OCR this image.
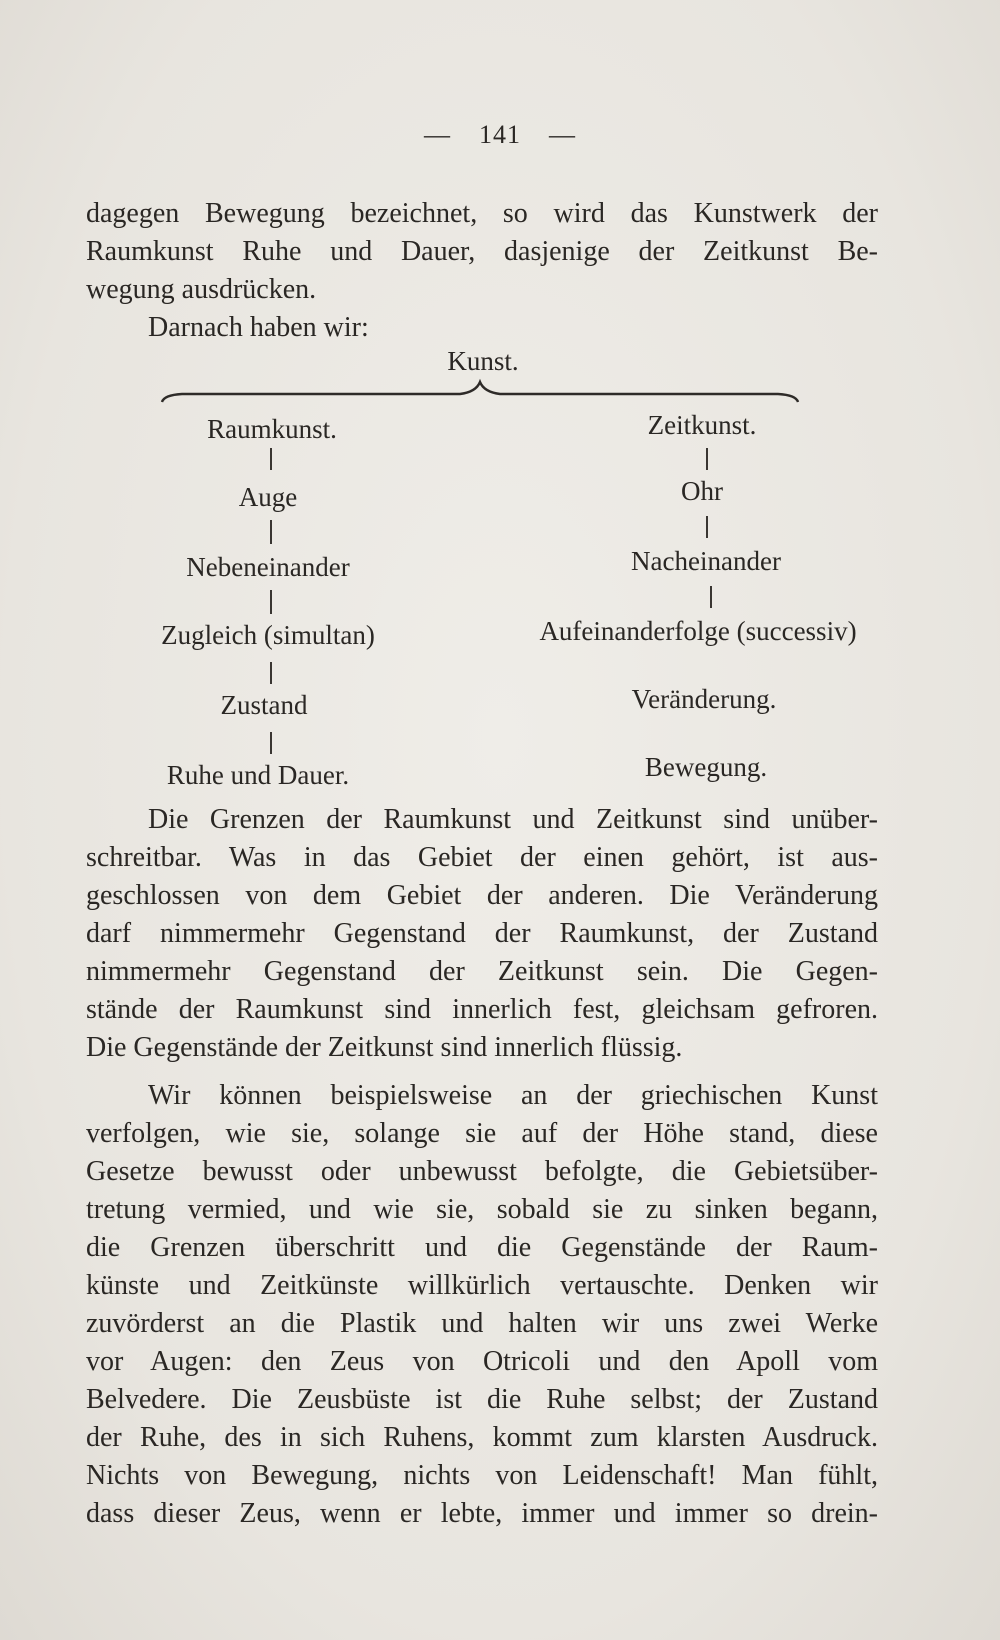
— 141 —
dagegen Bewegung bezeichnet, so wird das Kunstwerk der
Raumkunst Ruhe und Dauer, dasjenige der Zeitkunst Be-
wegung ausdrücken.
Darnach haben wir:
Kunst.
Raumkunst.
Auge
Nebeneinander
Zugleich (simultan)
Zustand
Ruhe und Dauer.
Zeitkunst.
Ohr
Nacheinander
Aufeinanderfolge (successiv)
Veränderung.
Bewegung.
Die Grenzen der Raumkunst und Zeitkunst sind unüber-
schreitbar. Was in das Gebiet der einen gehört, ist aus-
geschlossen von dem Gebiet der anderen. Die Veränderung
darf nimmermehr Gegenstand der Raumkunst, der Zustand
nimmermehr Gegenstand der Zeitkunst sein. Die Gegen-
stände der Raumkunst sind innerlich fest, gleichsam gefroren.
Die Gegenstände der Zeitkunst sind innerlich flüssig.
Wir können beispielsweise an der griechischen Kunst
verfolgen, wie sie, solange sie auf der Höhe stand, diese
Gesetze bewusst oder unbewusst befolgte, die Gebietsüber-
tretung vermied, und wie sie, sobald sie zu sinken begann,
die Grenzen überschritt und die Gegenstände der Raum-
künste und Zeitkünste willkürlich vertauschte. Denken wir
zuvörderst an die Plastik und halten wir uns zwei Werke
vor Augen: den Zeus von Otricoli und den Apoll vom
Belvedere. Die Zeusbüste ist die Ruhe selbst; der Zustand
der Ruhe, des in sich Ruhens, kommt zum klarsten Ausdruck.
Nichts von Bewegung, nichts von Leidenschaft! Man fühlt,
dass dieser Zeus, wenn er lebte, immer und immer so drein-
